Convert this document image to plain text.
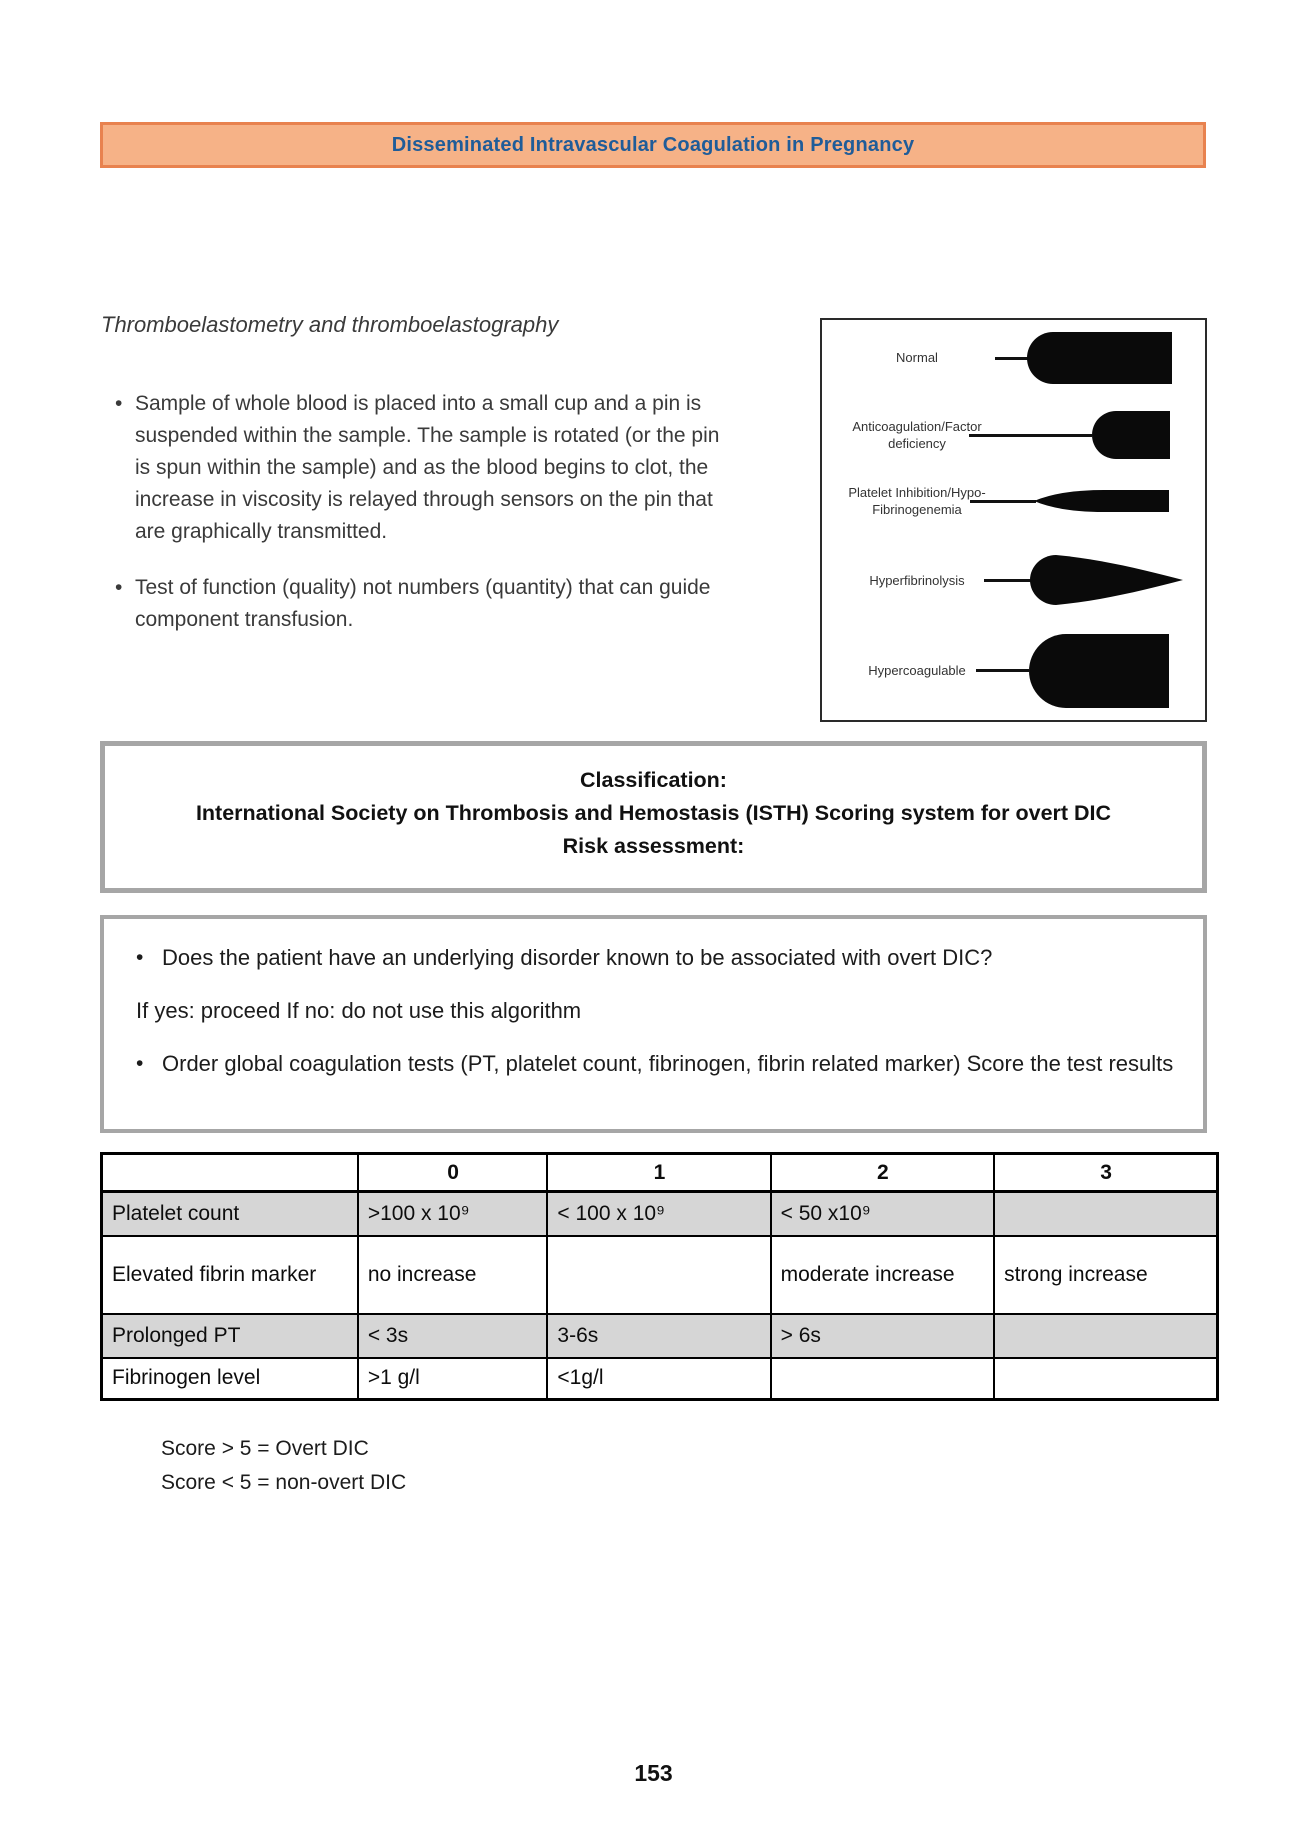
Disseminated Intravascular Coagulation in Pregnancy
Thromboelastometry and thromboelastography
• Sample of whole blood is placed into a small cup and a pin is suspended within the sample. The sample is rotated (or the pin is spun within the sample) and as the blood begins to clot, the increase in viscosity is relayed through sensors on the pin that are graphically transmitted.
• Test of function (quality) not numbers (quantity) that can guide component transfusion.
Normal
Anticoagulation/Factor deficiency
Platelet Inhibition/Hypo-Fibrinogenemia
Hyperfibrinolysis
Hypercoagulable
Classification:
International Society on Thrombosis and Hemostasis (ISTH) Scoring system for overt DIC
Risk assessment:
• Does the patient have an underlying disorder known to be associated with overt DIC?
If yes: proceed If no: do not use this algorithm
• Order global coagulation tests (PT, platelet count, fibrinogen, fibrin related marker) Score the test results
	0	1	2	3
Platelet count	>100 x 10⁹	< 100 x 10⁹	< 50 x10⁹	
Elevated fibrin marker	no increase		moderate increase	strong increase
Prolonged PT	< 3s	3-6s	> 6s	
Fibrinogen level	>1 g/l	<1g/l		
Score > 5 = Overt DIC
Score < 5 = non-overt DIC
153
